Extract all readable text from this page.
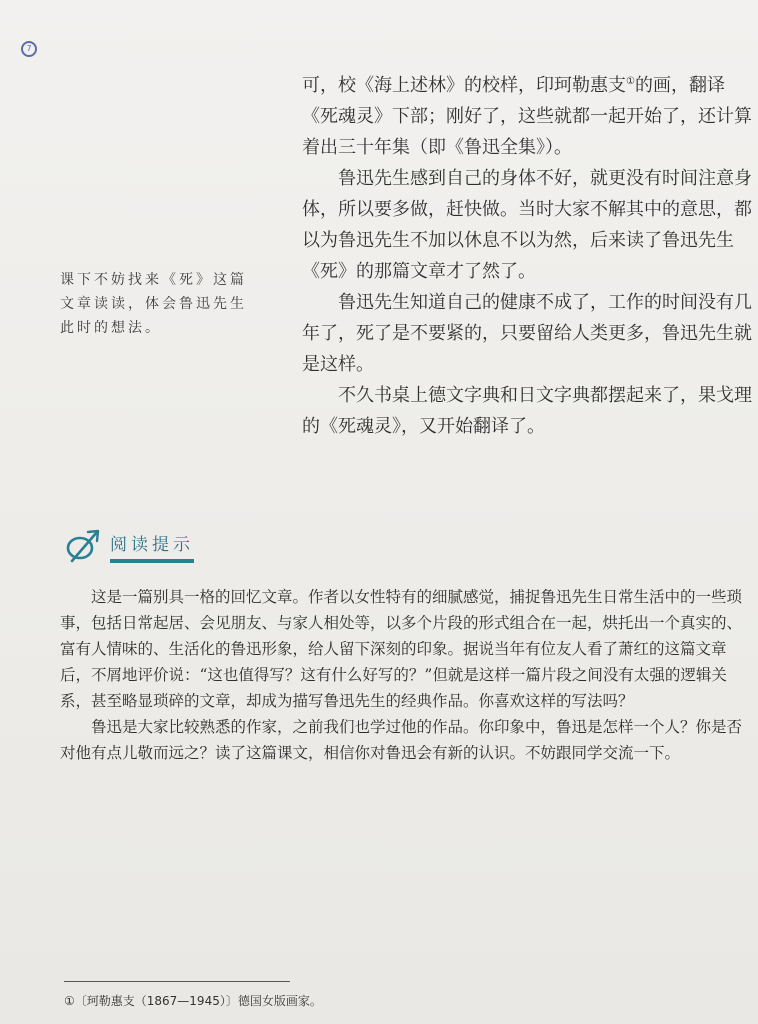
7

可，校《海上述林》的校样，印珂勒惠支①的画，翻译《死魂灵》下部；刚好了，这些就都一起开始了，还计算着出三十年集（即《鲁迅全集》）。

鲁迅先生感到自己的身体不好，就更没有时间注意身体，所以要多做，赶快做。当时大家不解其中的意思，都以为鲁迅先生不加以休息不以为然，后来读了鲁迅先生《死》的那篇文章才了然了。

鲁迅先生知道自己的健康不成了，工作的时间没有几年了，死了是不要紧的，只要留给人类更多，鲁迅先生就是这样。

不久书桌上德文字典和日文字典都摆起来了，果戈理的《死魂灵》，又开始翻译了。

课下不妨找来《死》这篇文章读读，体会鲁迅先生此时的想法。
阅读提示

这是一篇别具一格的回忆文章。作者以女性特有的细腻感觉，捕捉鲁迅先生日常生活中的一些琐事，包括日常起居、会见朋友、与家人相处等，以多个片段的形式组合在一起，烘托出一个真实的、富有人情味的、生活化的鲁迅形象，给人留下深刻的印象。据说当年有位友人看了萧红的这篇文章后，不屑地评价说：“这也值得写？这有什么好写的？”但就是这样一篇片段之间没有太强的逻辑关系，甚至略显琐碎的文章，却成为描写鲁迅先生的经典作品。你喜欢这样的写法吗？

鲁迅是大家比较熟悉的作家，之前我们也学过他的作品。你印象中，鲁迅是怎样一个人？你是否对他有点儿敬而远之？读了这篇课文，相信你对鲁迅会有新的认识。不妨跟同学交流一下。

①〔珂勒惠支（1867—1945）〕德国女版画家。
